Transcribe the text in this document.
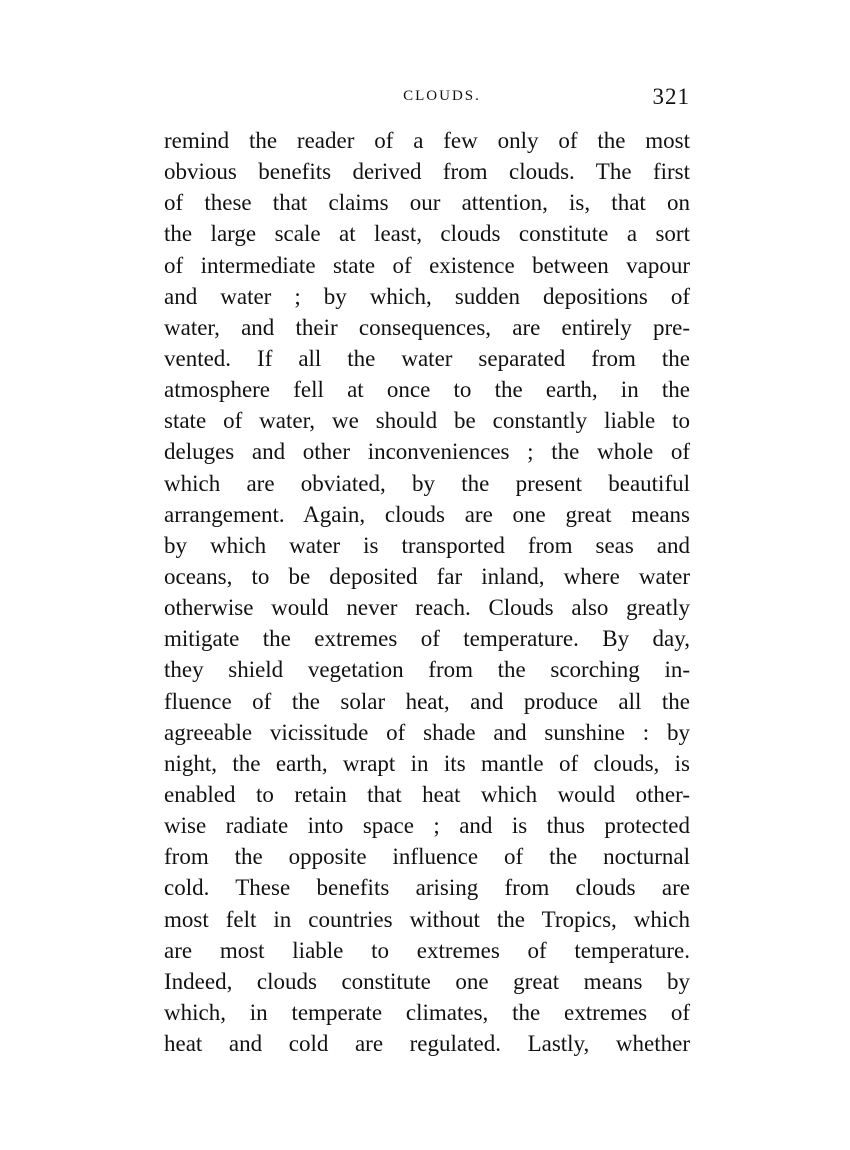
CLOUDS.	321
remind the reader of a few only of the most
obvious benefits derived from clouds. The first
of these that claims our attention, is, that on
the large scale at least, clouds constitute a sort
of intermediate state of existence between vapour
and water ; by which, sudden depositions of
water, and their consequences, are entirely pre-
vented. If all the water separated from the
atmosphere fell at once to the earth, in the
state of water, we should be constantly liable to
deluges and other inconveniences ; the whole of
which are obviated, by the present beautiful
arrangement. Again, clouds are one great means
by which water is transported from seas and
oceans, to be deposited far inland, where water
otherwise would never reach. Clouds also greatly
mitigate the extremes of temperature. By day,
they shield vegetation from the scorching in-
fluence of the solar heat, and produce all the
agreeable vicissitude of shade and sunshine : by
night, the earth, wrapt in its mantle of clouds, is
enabled to retain that heat which would other-
wise radiate into space ; and is thus protected
from the opposite influence of the nocturnal
cold. These benefits arising from clouds are
most felt in countries without the Tropics, which
are most liable to extremes of temperature.
Indeed, clouds constitute one great means by
which, in temperate climates, the extremes of
heat and cold are regulated. Lastly, whether
